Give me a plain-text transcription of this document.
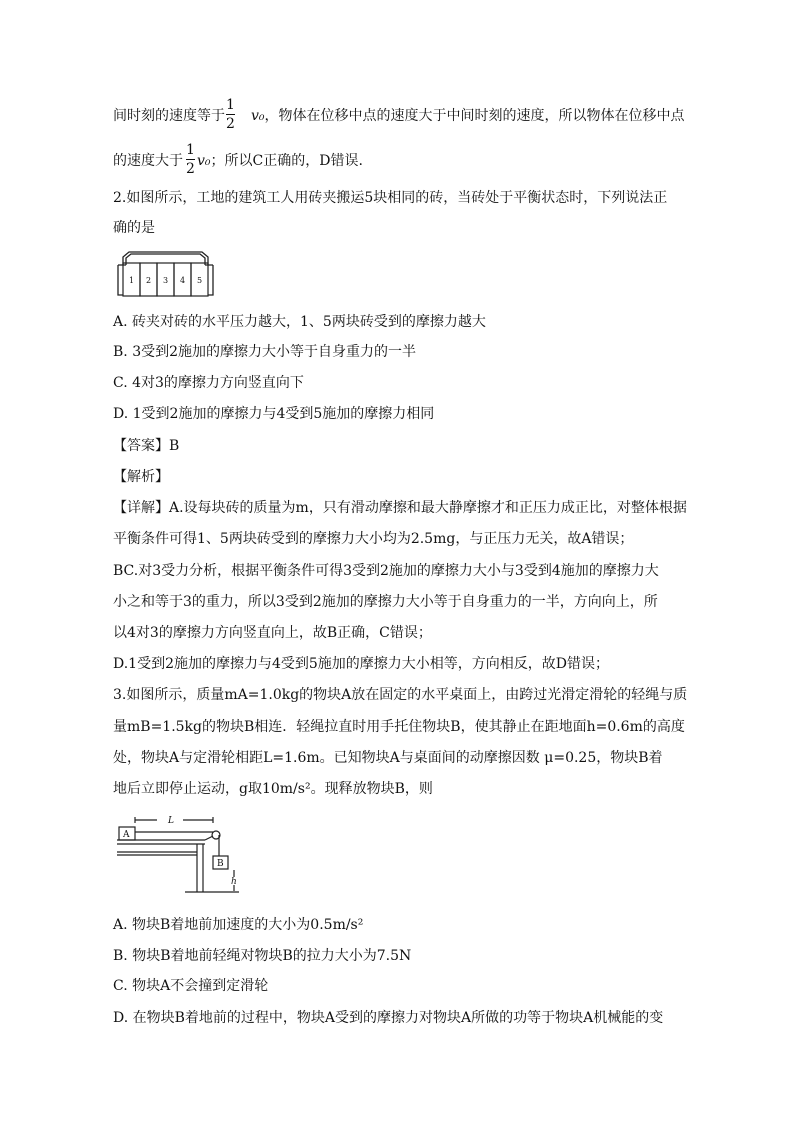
间时刻的速度等于 v₀，物体在位移中点的速度大于中间时刻的速度，所以物体在位移中点
1
2
的速度大于 v₀；所以C正确的，D错误.
1
2
2.如图所示，工地的建筑工人用砖夹搬运5块相同的砖，当砖处于平衡状态时，下列说法正
确的是
1 2 3 4 5
A. 砖夹对砖的水平压力越大，1、5两块砖受到的摩擦力越大
B. 3受到2施加的摩擦力大小等于自身重力的一半
C. 4对3的摩擦力方向竖直向下
D. 1受到2施加的摩擦力与4受到5施加的摩擦力相同
【答案】B
【解析】
【详解】A.设每块砖的质量为m，只有滑动摩擦和最大静摩擦才和正压力成正比，对整体根据
平衡条件可得1、5两块砖受到的摩擦力大小均为2.5mg，与正压力无关，故A错误；
BC.对3受力分析，根据平衡条件可得3受到2施加的摩擦力大小与3受到4施加的摩擦力大
小之和等于3的重力，所以3受到2施加的摩擦力大小等于自身重力的一半，方向向上，所
以4对3的摩擦力方向竖直向上，故B正确，C错误；
D.1受到2施加的摩擦力与4受到5施加的摩擦力大小相等，方向相反，故D错误；
3.如图所示，质量mA=1.0kg的物块A放在固定的水平桌面上，由跨过光滑定滑轮的轻绳与质
量mB=1.5kg的物块B相连．轻绳拉直时用手托住物块B，使其静止在距地面h=0.6m的高度
处，物块A与定滑轮相距L=1.6m。已知物块A与桌面间的动摩擦因数 μ=0.25，物块B着
地后立即停止运动，g取10m/s²。现释放物块B，则
A
B
L
h
A. 物块B着地前加速度的大小为0.5m/s²
B. 物块B着地前轻绳对物块B的拉力大小为7.5N
C. 物块A不会撞到定滑轮
D. 在物块B着地前的过程中，物块A受到的摩擦力对物块A所做的功等于物块A机械能的变
